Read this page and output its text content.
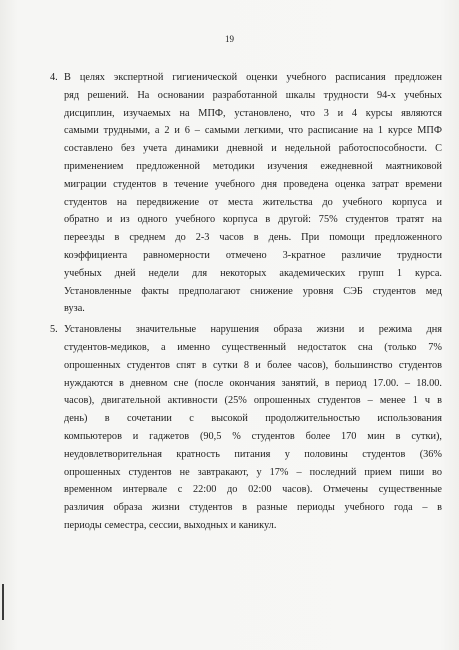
19
4. В целях экспертной гигиенической оценки учебного расписания предложен
ряд решений. На основании разработанной шкалы трудности 94-х учебных
дисциплин, изучаемых на МПФ, установлено, что 3 и 4 курсы являются
самыми трудными, а 2 и 6 – самыми легкими, что расписание на 1 курсе МПФ
составлено без учета динамики дневной и недельной работоспособности. С
применением предложенной методики изучения ежедневной маятниковой
миграции студентов в течение учебного дня проведена оценка затрат времени
студентов на передвижение от места жительства до учебного корпуса и
обратно и из одного учебного корпуса в другой: 75% студентов тратят на
переезды в среднем до 2-3 часов в день. При помощи предложенного
коэффициента равномерности отмечено 3-кратное различие трудности
учебных дней недели для некоторых академических групп 1 курса.
Установленные факты предполагают снижение уровня СЭБ студентов мед
вуза.
5. Установлены значительные нарушения образа жизни и режима дня
студентов-медиков, а именно существенный недостаток сна (только 7%
опрошенных студентов спят в сутки 8 и более часов), большинство студентов
нуждаются в дневном сне (после окончания занятий, в период 17.00. – 18.00.
часов), двигательной активности (25% опрошенных студентов – менее 1 ч в
день) в сочетании с высокой продолжительностью использования
компьютеров и гаджетов (90,5 % студентов более 170 мин в сутки),
неудовлетворительная кратность питания у половины студентов (36%
опрошенных студентов не завтракают, у 17% – последний прием пиши во
временном интервале с 22:00 до 02:00 часов). Отмечены существенные
различия образа жизни студентов в разные периоды учебного года – в
периоды семестра, сессии, выходных и каникул.
